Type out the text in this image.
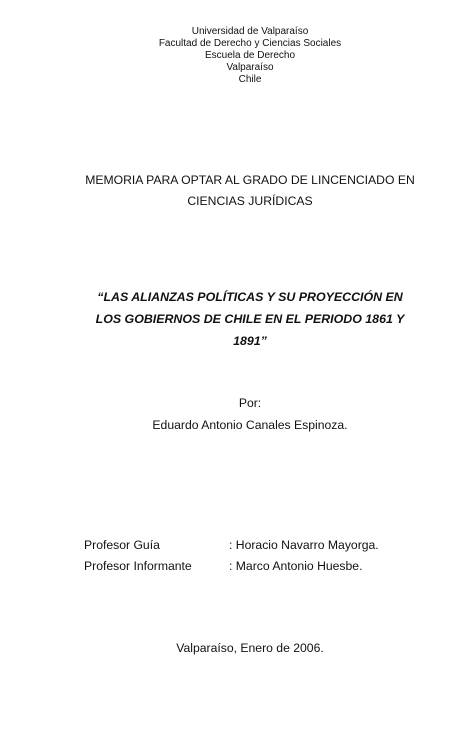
Universidad de Valparaíso
Facultad de Derecho y Ciencias Sociales
Escuela de Derecho
Valparaíso
Chile
MEMORIA PARA OPTAR AL GRADO DE LINCENCIADO EN
CIENCIAS JURÍDICAS
“LAS ALIANZAS POLÍTICAS Y SU PROYECCIÓN EN
LOS GOBIERNOS DE CHILE EN EL PERIODO 1861 Y
1891”
Por:
Eduardo Antonio Canales Espinoza.
Profesor Guía	: Horacio Navarro Mayorga.
Profesor Informante	: Marco Antonio Huesbe.
Valparaíso, Enero de 2006.
